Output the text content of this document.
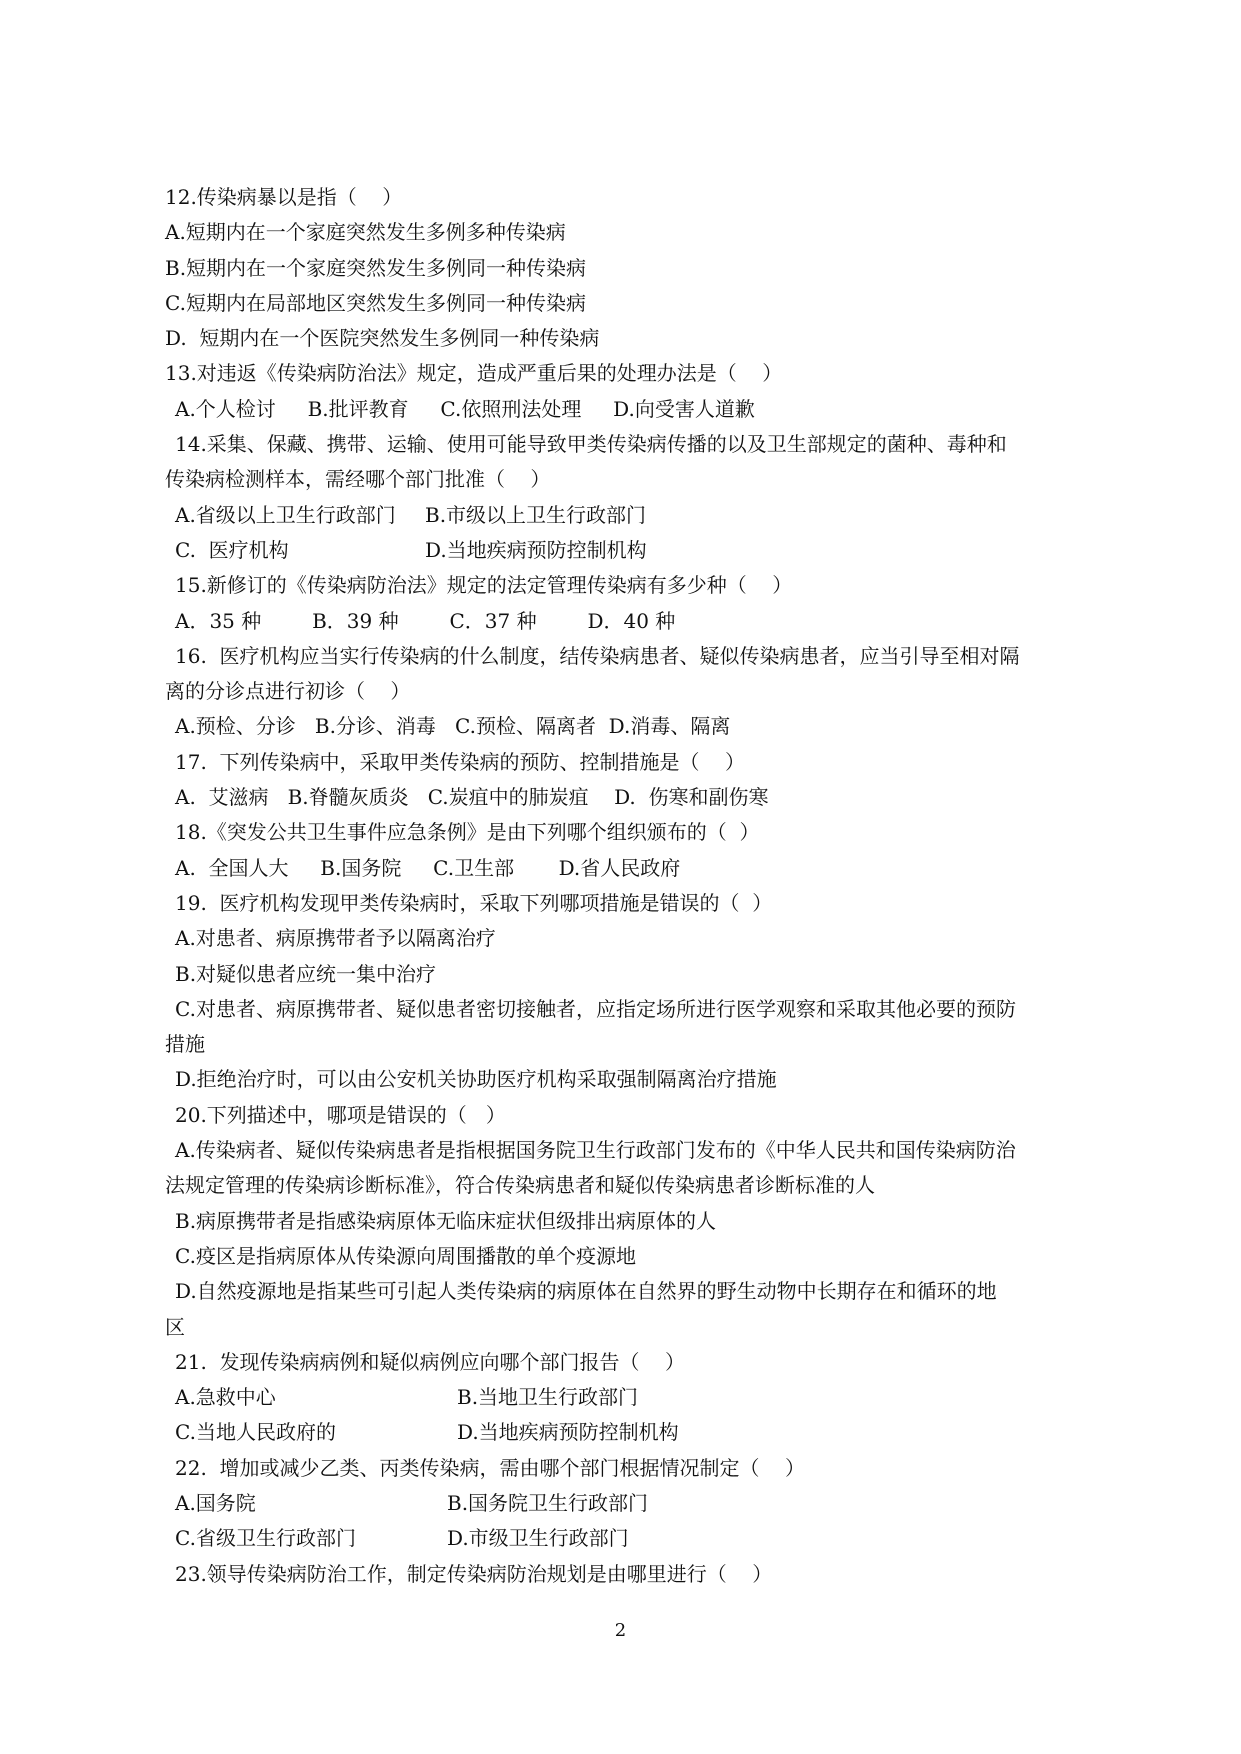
12.传染病暴以是指（    ）
A.短期内在一个家庭突然发生多例多种传染病
B.短期内在一个家庭突然发生多例同一种传染病
C.短期内在局部地区突然发生多例同一种传染病
D.  短期内在一个医院突然发生多例同一种传染病
13.对违返《传染病防治法》规定，造成严重后果的处理办法是（    ）
A.个人检讨     B.批评教育     C.依照刑法处理     D.向受害人道歉
14.采集、保藏、携带、运输、使用可能导致甲类传染病传播的以及卫生部规定的菌种、毒种和
传染病检测样本，需经哪个部门批准（    ）
A.省级以上卫生行政部门	B.市级以上卫生行政部门
C.  医疗机构	D.当地疾病预防控制机构
15.新修订的《传染病防治法》规定的法定管理传染病有多少种（    ）
A．35 种        B．39 种        C．37 种        D．40 种
16.  医疗机构应当实行传染病的什么制度，结传染病患者、疑似传染病患者，应当引导至相对隔
离的分诊点进行初诊（    ）
A.预检、分诊   B.分诊、消毒   C.预检、隔离者  D.消毒、隔离
17.  下列传染病中，采取甲类传染病的预防、控制措施是（    ）
A.  艾滋病   B.脊髓灰质炎   C.炭疽中的肺炭疽    D.  伤寒和副伤寒
18.《突发公共卫生事件应急条例》是由下列哪个组织颁布的（  ）
A.  全国人大     B.国务院     C.卫生部       D.省人民政府
19.  医疗机构发现甲类传染病时，采取下列哪项措施是错误的（  ）
A.对患者、病原携带者予以隔离治疗
B.对疑似患者应统一集中治疗
C.对患者、病原携带者、疑似患者密切接触者，应指定场所进行医学观察和采取其他必要的预防
措施
D.拒绝治疗时，可以由公安机关协助医疗机构采取强制隔离治疗措施
20.下列描述中，哪项是错误的（   ）
A.传染病者、疑似传染病患者是指根据国务院卫生行政部门发布的《中华人民共和国传染病防治
法规定管理的传染病诊断标准》，符合传染病患者和疑似传染病患者诊断标准的人
B.病原携带者是指感染病原体无临床症状但级排出病原体的人
C.疫区是指病原体从传染源向周围播散的单个疫源地
D.自然疫源地是指某些可引起人类传染病的病原体在自然界的野生动物中长期存在和循环的地
区
21.  发现传染病病例和疑似病例应向哪个部门报告（    ）
A.急救中心	B.当地卫生行政部门
C.当地人民政府的	D.当地疾病预防控制机构
22.  增加或减少乙类、丙类传染病，需由哪个部门根据情况制定（    ）
A.国务院	B.国务院卫生行政部门
C.省级卫生行政部门	D.市级卫生行政部门
23.领导传染病防治工作，制定传染病防治规划是由哪里进行（    ）
2
